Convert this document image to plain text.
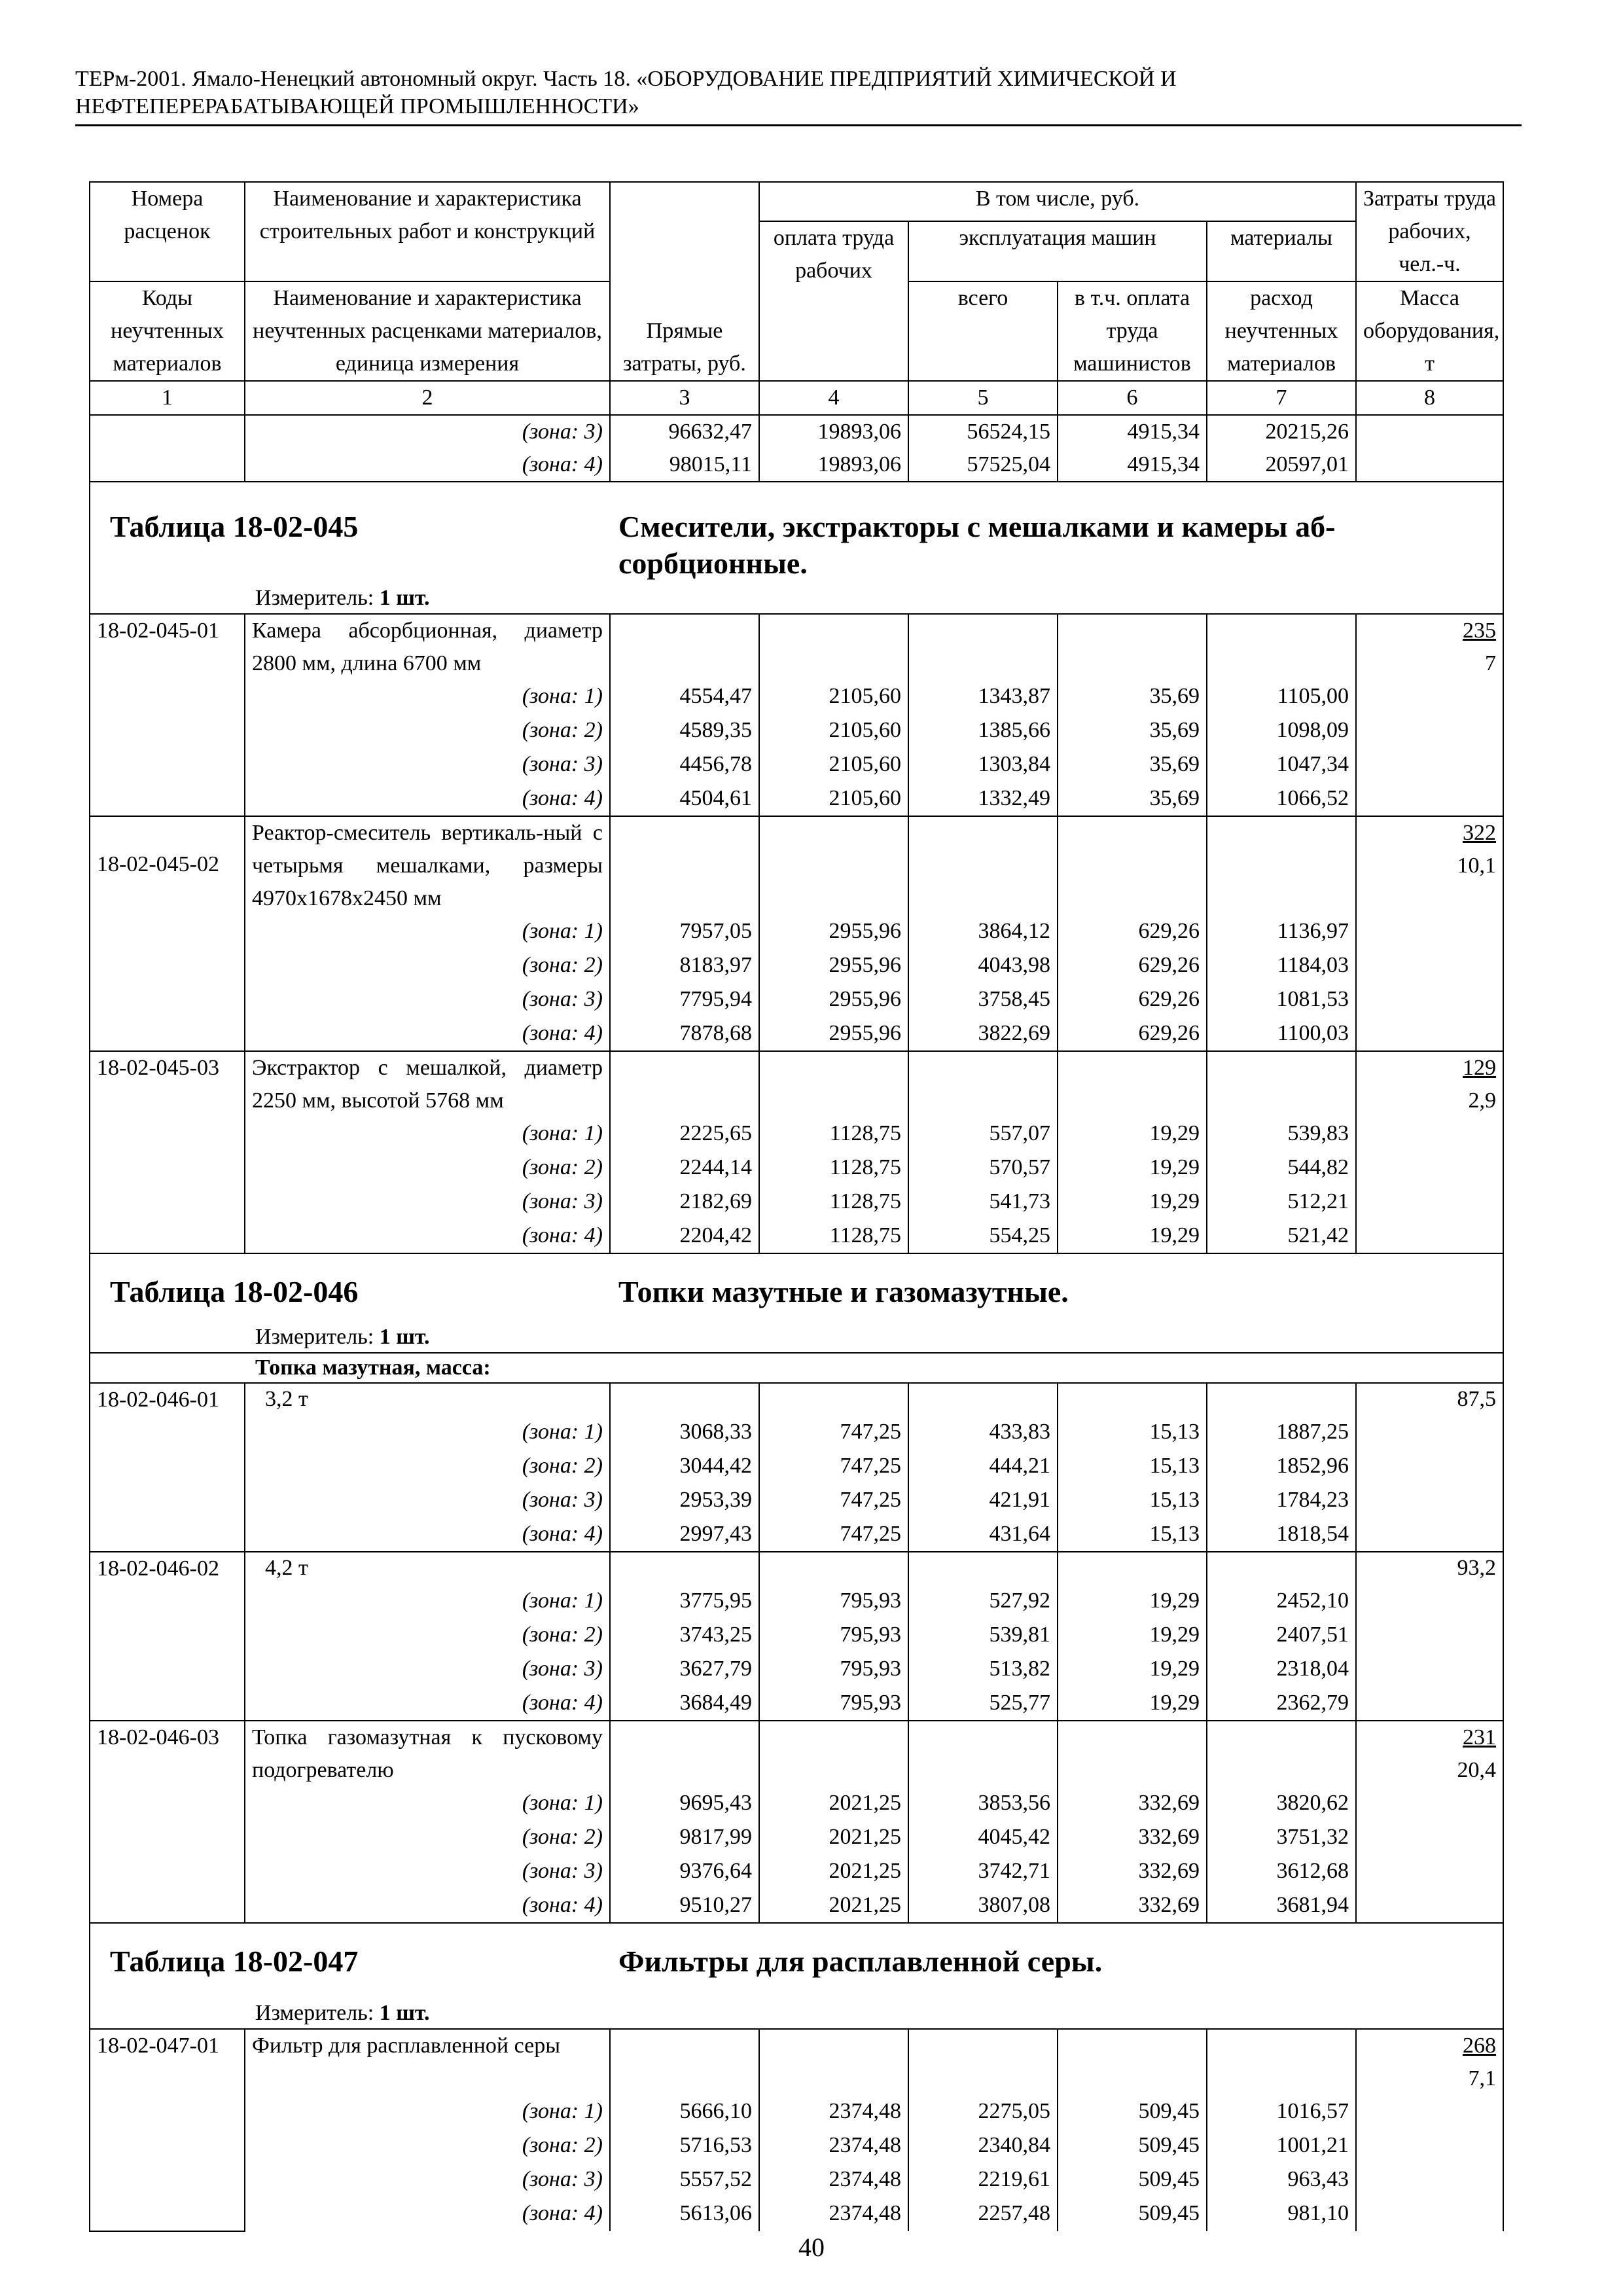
ТЕРм-2001. Ямало-Ненецкий автономный округ. Часть 18. «ОБОРУДОВАНИЕ ПРЕДПРИЯТИЙ ХИМИЧЕСКОЙ И
НЕФТЕПЕРЕРАБАТЫВАЮЩЕЙ ПРОМЫШЛЕННОСТИ»
Номера расценок	Наименование и характеристика строительных работ и конструкций	Прямые затраты, руб.	В том числе, руб.				Затраты труда рабочих, чел.-ч.
			оплата труда рабочих	эксплуатация машин		материалы	
Коды неучтенных материалов	Наименование и характеристика неучтенных расценками материалов, единица измерения			всего	в т.ч. оплата труда машинистов	расход неучтенных материалов	Масса оборудования, т
1	2	3	4	5	6	7	8
	(зона: 3)	96632,47	19893,06	56524,15	4915,34	20215,26	
	(зона: 4)	98015,11	19893,06	57525,04	4915,34	20597,01	

Таблица 18-02-045 Смесители, экстракторы с мешалками и камеры аб-
сорбционные.
Измеритель: 1 шт.							

18-02-045-01	Камера абсорбционная, диаметр 2800 мм, длина 6700 мм						235
7

	(зона: 1)	4554,47	2105,60	1343,87	35,69	1105,00	
	(зона: 2)	4589,35	2105,60	1385,66	35,69	1098,09	
	(зона: 3)	4456,78	2105,60	1303,84	35,69	1047,34	
	(зона: 4)	4504,61	2105,60	1332,49	35,69	1066,52	
18-02-045-02	Реактор-смеситель вертикаль-ный с четырьмя мешалками, размеры 4970х1678х2450 мм						322
10,1

	(зона: 1)	7957,05	2955,96	3864,12	629,26	1136,97	
	(зона: 2)	8183,97	2955,96	4043,98	629,26	1184,03	
	(зона: 3)	7795,94	2955,96	3758,45	629,26	1081,53	
	(зона: 4)	7878,68	2955,96	3822,69	629,26	1100,03	
18-02-045-03	Экстрактор с мешалкой, диаметр 2250 мм, высотой 5768 мм						129
2,9

	(зона: 1)	2225,65	1128,75	557,07	19,29	539,83	
	(зона: 2)	2244,14	1128,75	570,57	19,29	544,82	
	(зона: 3)	2182,69	1128,75	541,73	19,29	512,21	
	(зона: 4)	2204,42	1128,75	554,25	19,29	521,42	

Таблица 18-02-046 Топки мазутные и газомазутные.
Измеритель: 1 шт.							

Топка мазутная, масса:							
18-02-046-01	3,2 т						87,5

	(зона: 1)	3068,33	747,25	433,83	15,13	1887,25	
	(зона: 2)	3044,42	747,25	444,21	15,13	1852,96	
	(зона: 3)	2953,39	747,25	421,91	15,13	1784,23	
	(зона: 4)	2997,43	747,25	431,64	15,13	1818,54	
18-02-046-02	4,2 т						93,2

	(зона: 1)	3775,95	795,93	527,92	19,29	2452,10	
	(зона: 2)	3743,25	795,93	539,81	19,29	2407,51	
	(зона: 3)	3627,79	795,93	513,82	19,29	2318,04	
	(зона: 4)	3684,49	795,93	525,77	19,29	2362,79	
18-02-046-03	Топка газомазутная к пусковому подогревателю						231
20,4

	(зона: 1)	9695,43	2021,25	3853,56	332,69	3820,62	
	(зона: 2)	9817,99	2021,25	4045,42	332,69	3751,32	
	(зона: 3)	9376,64	2021,25	3742,71	332,69	3612,68	
	(зона: 4)	9510,27	2021,25	3807,08	332,69	3681,94	

Таблица 18-02-047 Фильтры для расплавленной серы.
Измеритель: 1 шт.							

18-02-047-01	Фильтр для расплавленной серы						268
7,1

	(зона: 1)	5666,10	2374,48	2275,05	509,45	1016,57	
	(зона: 2)	5716,53	2374,48	2340,84	509,45	1001,21	
	(зона: 3)	5557,52	2374,48	2219,61	509,45	963,43	
	(зона: 4)	5613,06	2374,48	2257,48	509,45	981,10	
40
